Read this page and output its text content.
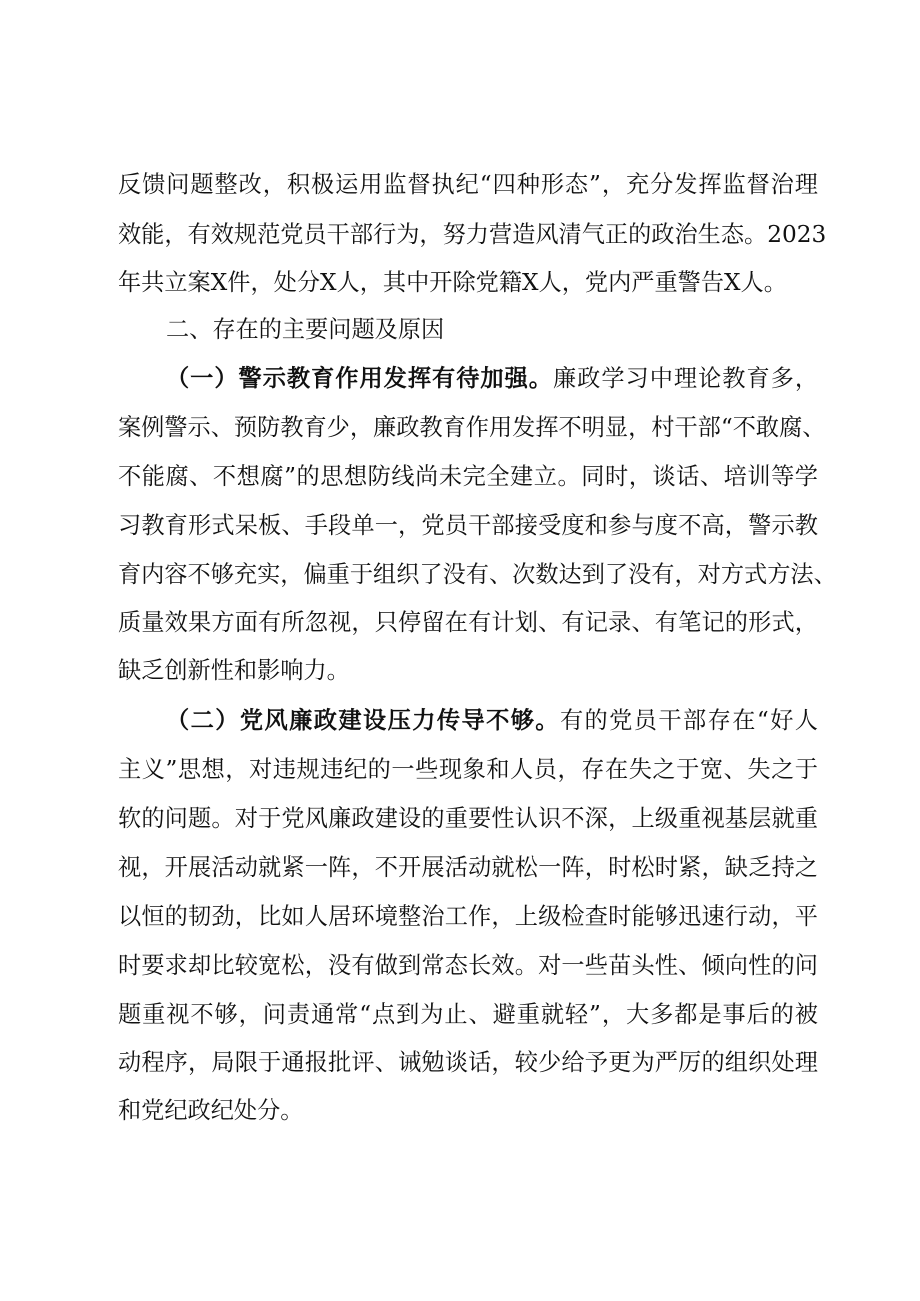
反馈问题整改，积极运用监督执纪“四种形态”，充分发挥监督治理
效能，有效规范党员干部行为，努力营造风清气正的政治生态。2023
年共立案X件，处分X人，其中开除党籍X人，党内严重警告X人。
二、存在的主要问题及原因
（一）警示教育作用发挥有待加强。廉政学习中理论教育多，
案例警示、预防教育少，廉政教育作用发挥不明显，村干部“不敢腐、
不能腐、不想腐”的思想防线尚未完全建立。同时，谈话、培训等学
习教育形式呆板、手段单一，党员干部接受度和参与度不高，警示教
育内容不够充实，偏重于组织了没有、次数达到了没有，对方式方法、
质量效果方面有所忽视，只停留在有计划、有记录、有笔记的形式，
缺乏创新性和影响力。
（二）党风廉政建设压力传导不够。有的党员干部存在“好人
主义”思想，对违规违纪的一些现象和人员，存在失之于宽、失之于
软的问题。对于党风廉政建设的重要性认识不深，上级重视基层就重
视，开展活动就紧一阵，不开展活动就松一阵，时松时紧，缺乏持之
以恒的韧劲，比如人居环境整治工作，上级检查时能够迅速行动，平
时要求却比较宽松，没有做到常态长效。对一些苗头性、倾向性的问
题重视不够，问责通常“点到为止、避重就轻”，大多都是事后的被
动程序，局限于通报批评、诫勉谈话，较少给予更为严厉的组织处理
和党纪政纪处分。
